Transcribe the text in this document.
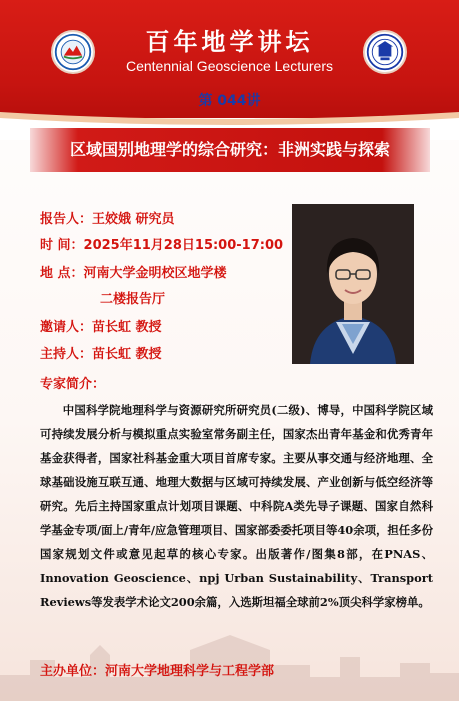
百年地学讲坛
Centennial Geoscience Lecturers
第 044讲
区域国别地理学的综合研究：非洲实践与探索
报告人：王姣娥 研究员
时 间：2025年11月28日15:00-17:00
地 点：河南大学金明校区地学楼
二楼报告厅
邀请人：苗长虹 教授
主持人：苗长虹 教授
专家简介：

中国科学院地理科学与资源研究所研究员(二级)、博导，中国科学院区域可持续发展分析与模拟重点实验室常务副主任，国家杰出青年基金和优秀青年基金获得者，国家社科基金重大项目首席专家。主要从事交通与经济地理、全球基础设施互联互通、地理大数据与区域可持续发展、产业创新与低空经济等研究。先后主持国家重点计划项目课题、中科院A类先导子课题、国家自然科学基金专项/面上/青年/应急管理项目、国家部委委托项目等40余项，担任多份国家规划文件或意见起草的核心专家。出版著作/图集8部，在PNAS、Innovation Geoscience、npj Urban Sustainability、Transport Reviews等发表学术论文200余篇，入选斯坦福全球前2%顶尖科学家榜单。

主办单位：河南大学地理科学与工程学部
